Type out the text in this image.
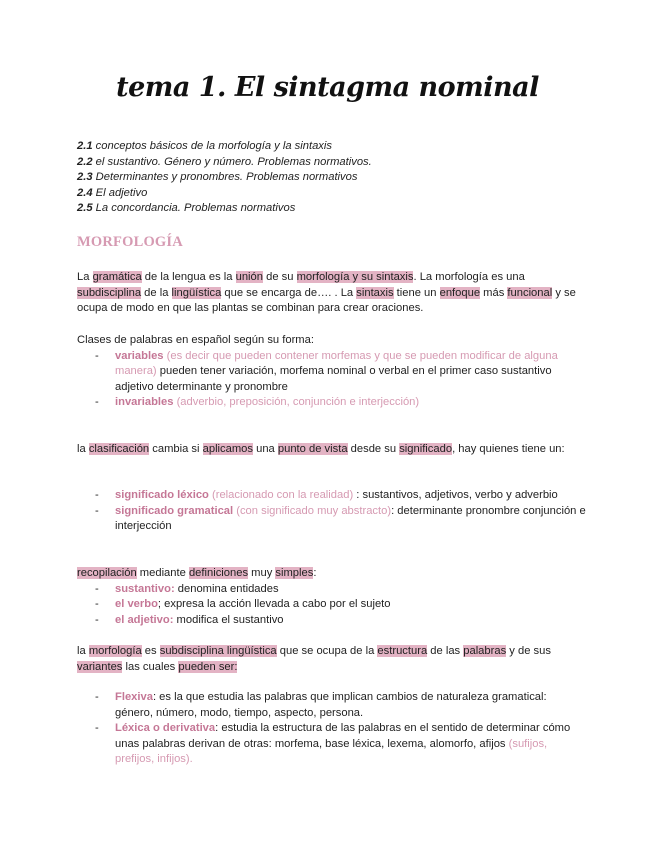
tema 1. El sintagma nominal
2.1 conceptos básicos de la morfología y la sintaxis
2.2 el sustantivo. Género y número. Problemas normativos.
2.3 Determinantes y pronombres. Problemas normativos
2.4 El adjetivo
2.5 La concordancia. Problemas normativos
MORFOLOGÍA

La gramática de la lengua es la unión de su morfología y su sintaxis. La morfología es una subdisciplina de la lingüística que se encarga de…. . La sintaxis tiene un enfoque más funcional y se ocupa de modo en que las plantas se combinan para crear oraciones.

Clases de palabras en español según su forma:

- variables (es decir que pueden contener morfemas y que se pueden modificar de alguna manera) pueden tener variación, morfema nominal o verbal en el primer caso sustantivo adjetivo determinante y pronombre
- invariables (adverbio, preposición, conjunción e interjección)

la clasificación cambia si aplicamos una punto de vista desde su significado, hay quienes tiene un:

- significado léxico (relacionado con la realidad) : sustantivos, adjetivos, verbo y adverbio
- significado gramatical (con significado muy abstracto): determinante pronombre conjunción e interjección

recopilación mediante definiciones muy simples:

- sustantivo: denomina entidades
- el verbo; expresa la acción llevada a cabo por el sujeto
- el adjetivo: modifica el sustantivo

la morfología es subdisciplina lingüística que se ocupa de la estructura de las palabras y de sus variantes las cuales pueden ser:

- Flexiva: es la que estudia las palabras que implican cambios de naturaleza gramatical: género, número, modo, tiempo, aspecto, persona.
- Léxica o derivativa: estudia la estructura de las palabras en el sentido de determinar cómo unas palabras derivan de otras: morfema, base léxica, lexema, alomorfo, afijos (sufijos, prefijos, infijos).
